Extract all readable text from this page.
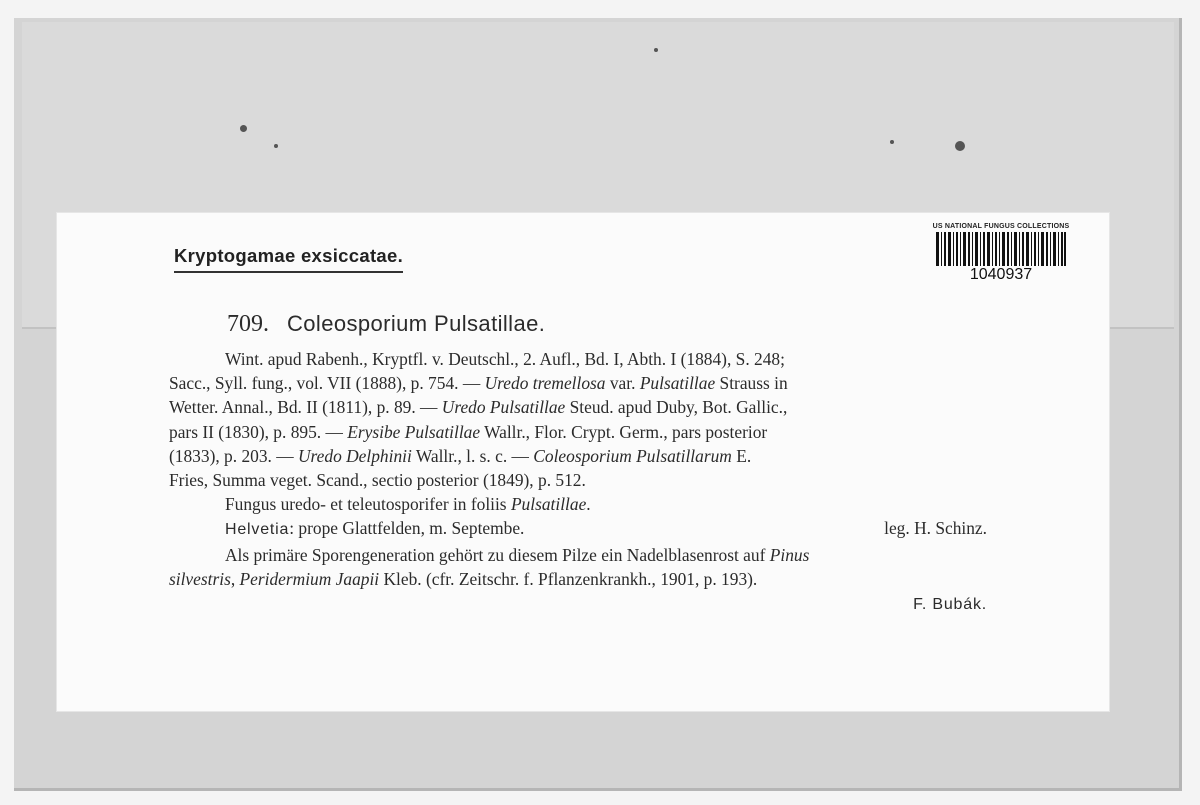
Kryptogamae exsiccatae.
US NATIONAL FUNGUS COLLECTIONS
1040937
709. Coleosporium Pulsatillae.
Wint. apud Rabenh., Kryptfl. v. Deutschl., 2. Aufl., Bd. I, Abth. I (1884), S. 248;
Sacc., Syll. fung., vol. VII (1888), p. 754. — Uredo tremellosa var. Pulsatillae Strauss in
Wetter. Annal., Bd. II (1811), p. 89. — Uredo Pulsatillae Steud. apud Duby, Bot. Gallic.,
pars II (1830), p. 895. — Erysibe Pulsatillae Wallr., Flor. Crypt. Germ., pars posterior
(1833), p. 203. — Uredo Delphinii Wallr., l. s. c. — Coleosporium Pulsatillarum E.
Fries, Summa veget. Scand., sectio posterior (1849), p. 512.
Fungus uredo- et teleutosporifer in foliis Pulsatillae.
Helvetia: prope Glattfelden, m. Septembe.	leg. H. Schinz.
Als primäre Sporengeneration gehört zu diesem Pilze ein Nadelblasenrost auf Pinus
silvestris, Peridermium Jaapii Kleb. (cfr. Zeitschr. f. Pflanzenkrankh., 1901, p. 193).
F. Bubák.
